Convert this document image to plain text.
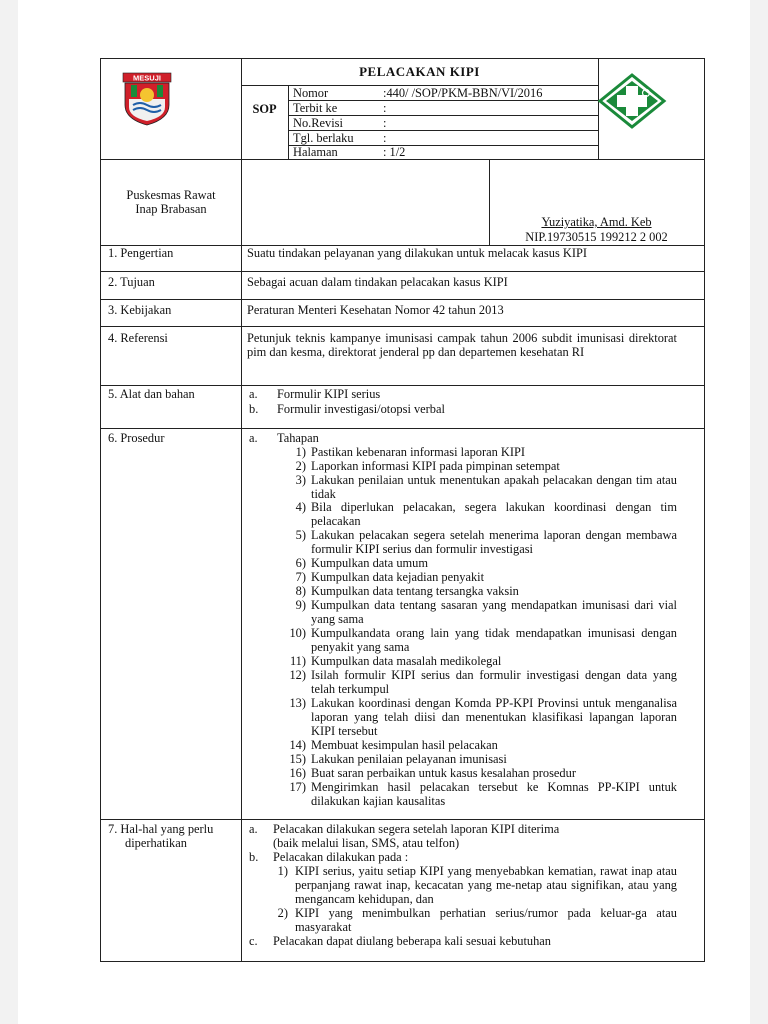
MESUJI	PELACAKAN KIPI
SOP
Nomor	:440/ /SOP/PKM-BBN/VI/2016
Terbit ke	:
No.Revisi	:
Tgl. berlaku :
Halaman	: 1/2
Puskesmas Rawat
Inap Brabasan
Yuziyatika, Amd. Keb
NIP.19730515 199212 2 002
1. Pengertian	Suatu tindakan pelayanan yang dilakukan untuk melacak kasus KIPI
2. Tujuan	Sebagai acuan dalam tindakan pelacakan kasus KIPI
3. Kebijakan	Peraturan Menteri Kesehatan Nomor 42 tahun 2013
4. Referensi	Petunjuk teknis kampanye imunisasi campak tahun 2006 subdit imunisasi direktorat pim dan kesma, direktorat jenderal pp dan departemen kesehatan RI
5. Alat dan bahan	a. Formulir KIPI serius
b. Formulir investigasi/otopsi verbal
6. Prosedur	a. Tahapan
1) Pastikan kebenaran informasi laporan KIPI
2) Laporkan informasi KIPI pada pimpinan setempat
3) Lakukan penilaian untuk menentukan apakah pelacakan dengan tim atau tidak
4) Bila diperlukan pelacakan, segera lakukan koordinasi dengan tim pelacakan
5) Lakukan pelacakan segera setelah menerima laporan dengan membawa formulir KIPI serius dan formulir investigasi
6) Kumpulkan data umum
7) Kumpulkan data kejadian penyakit
8) Kumpulkan data tentang tersangka vaksin
9) Kumpulkan data tentang sasaran yang mendapatkan imunisasi dari vial yang sama
10) Kumpulkandata orang lain yang tidak mendapatkan imunisasi dengan penyakit yang sama
11) Kumpulkan data masalah medikolegal
12) Isilah formulir KIPI serius dan formulir investigasi dengan data yang telah terkumpul
13) Lakukan koordinasi dengan Komda PP-KPI Provinsi untuk menganalisa laporan yang telah diisi dan menentukan klasifikasi lapangan laporan KIPI tersebut
14) Membuat kesimpulan hasil pelacakan
15) Lakukan penilaian pelayanan imunisasi
16) Buat saran perbaikan untuk kasus kesalahan prosedur
17) Mengirimkan hasil pelacakan tersebut ke Komnas PP-KIPI untuk dilakukan kajian kausalitas
7. Hal-hal yang perlu
diperhatikan
a. Pelacakan dilakukan segera setelah laporan KIPI diterima
(baik melalui lisan, SMS, atau telfon)
b. Pelacakan dilakukan pada :
1) KIPI serius, yaitu setiap KIPI yang menyebabkan kematian, rawat inap atau perpanjang rawat inap, kecacatan yang me-netap atau signifikan, atau yang mengancam kehidupan, dan
2) KIPI yang menimbulkan perhatian serius/rumor pada keluar-ga atau masyarakat
c. Pelacakan dapat diulang beberapa kali sesuai kebutuhan
